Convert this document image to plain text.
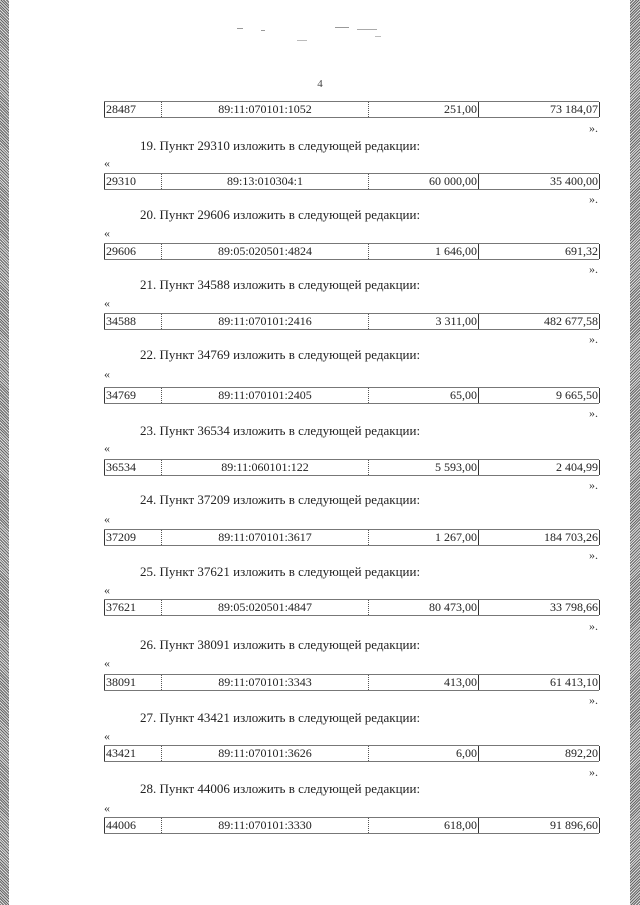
4
28487	89:11:070101:1052	251,00	73 184,07
».
19. Пункт 29310 изложить в следующей редакции:
«
29310	89:13:010304:1	60 000,00	35 400,00
».
20. Пункт 29606 изложить в следующей редакции:
«
29606	89:05:020501:4824	1 646,00	691,32
».
21. Пункт 34588 изложить в следующей редакции:
«
34588	89:11:070101:2416	3 311,00	482 677,58
».
22. Пункт 34769 изложить в следующей редакции:
«
34769	89:11:070101:2405	65,00	9 665,50
».
23. Пункт 36534 изложить в следующей редакции:
«
36534	89:11:060101:122	5 593,00	2 404,99
».
24. Пункт 37209 изложить в следующей редакции:
«
37209	89:11:070101:3617	1 267,00	184 703,26
».
25. Пункт 37621 изложить в следующей редакции:
«
37621	89:05:020501:4847	80 473,00	33 798,66
».
26. Пункт 38091 изложить в следующей редакции:
«
38091	89:11:070101:3343	413,00	61 413,10
».
27. Пункт 43421 изложить в следующей редакции:
«
43421	89:11:070101:3626	6,00	892,20
».
28. Пункт 44006 изложить в следующей редакции:
«
44006	89:11:070101:3330	618,00	91 896,60
